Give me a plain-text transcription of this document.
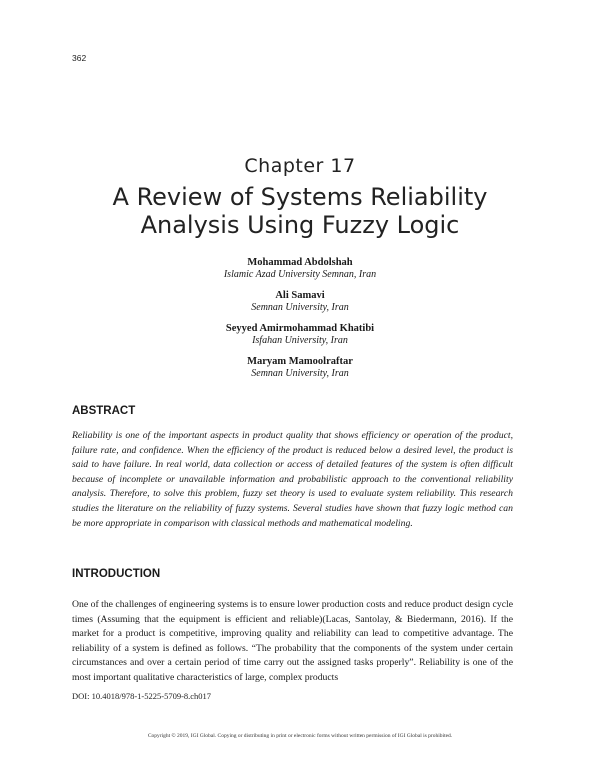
362
Chapter 17
A Review of Systems Reliability
Analysis Using Fuzzy Logic
Mohammad Abdolshah
Islamic Azad University Semnan, Iran
Ali Samavi
Semnan University, Iran
Seyyed Amirmohammad Khatibi
Isfahan University, Iran
Maryam Mamoolraftar
Semnan University, Iran
ABSTRACT

Reliability is one of the important aspects in product quality that shows efficiency or operation of the product, failure rate, and confidence. When the efficiency of the product is reduced below a desired level, the product is said to have failure. In real world, data collection or access of detailed features of the system is often difficult because of incomplete or unavailable information and probabilistic approach to the conventional reliability analysis. Therefore, to solve this problem, fuzzy set theory is used to evaluate system reliability. This research studies the literature on the reliability of fuzzy systems. Several studies have shown that fuzzy logic method can be more appropriate in comparison with classical methods and mathematical modeling.

INTRODUCTION

One of the challenges of engineering systems is to ensure lower production costs and reduce product design cycle times (Assuming that the equipment is efficient and reliable)(Lacas, Santolay, & Biedermann, 2016). If the market for a product is competitive, improving quality and reliability can lead to competitive advantage. The reliability of a system is defined as follows. “The probability that the components of the system under certain circumstances and over a certain period of time carry out the assigned tasks properly”. Reliability is one of the most important qualitative characteristics of large, complex products

DOI: 10.4018/978-1-5225-5709-8.ch017
Copyright © 2019, IGI Global. Copying or distributing in print or electronic forms without written permission of IGI Global is prohibited.
